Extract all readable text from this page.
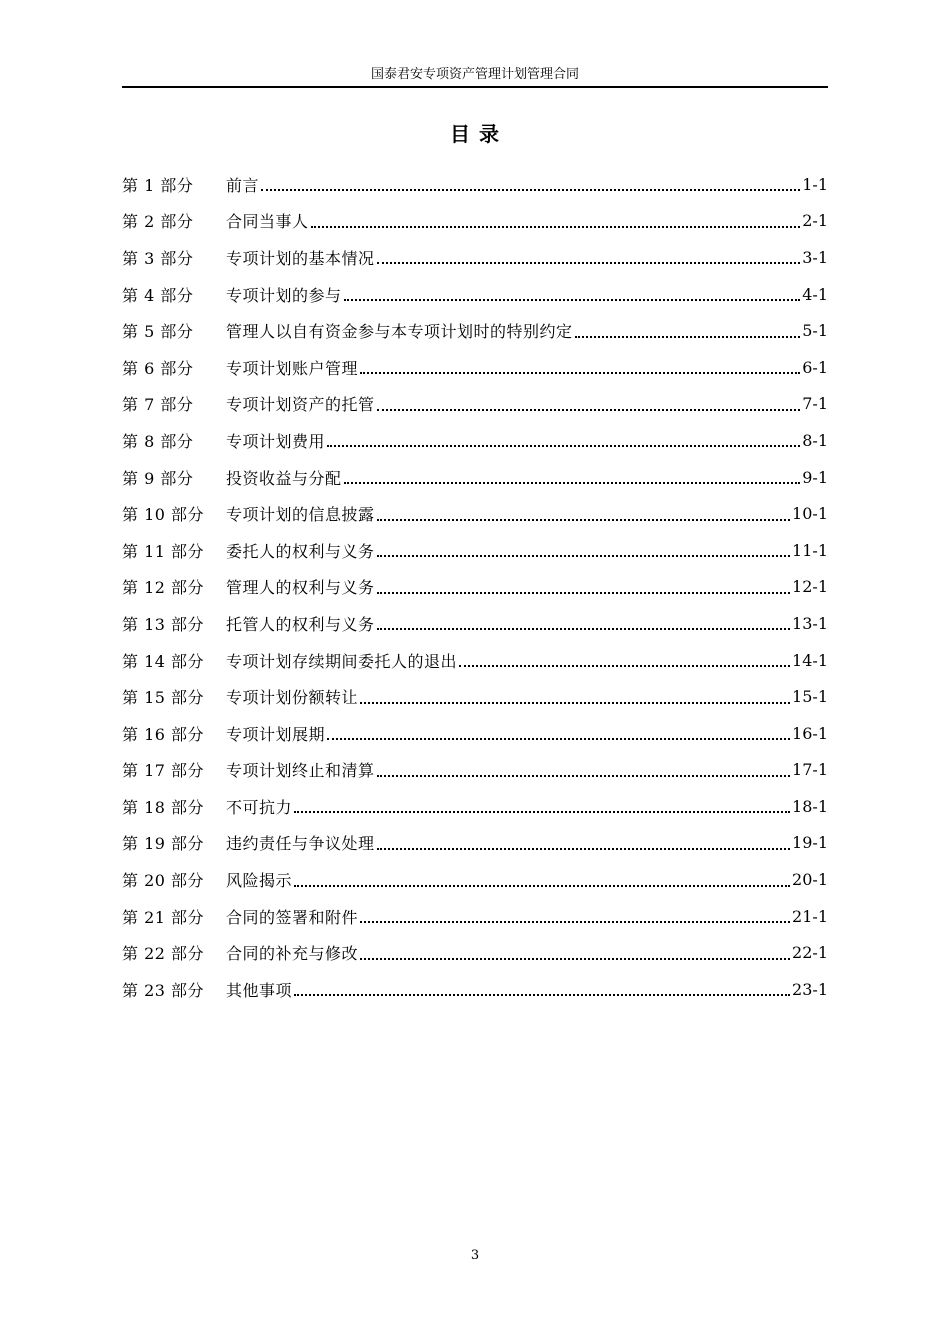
国泰君安专项资产管理计划管理合同
目 录
第 1 部分	前言	1-1
第 2 部分	合同当事人	2-1
第 3 部分	专项计划的基本情况	3-1
第 4 部分	专项计划的参与	4-1
第 5 部分	管理人以自有资金参与本专项计划时的特别约定	5-1
第 6 部分	专项计划账户管理	6-1
第 7 部分	专项计划资产的托管	7-1
第 8 部分	专项计划费用	8-1
第 9 部分	投资收益与分配	9-1
第 10 部分	专项计划的信息披露	10-1
第 11 部分	委托人的权利与义务	11-1
第 12 部分	管理人的权利与义务	12-1
第 13 部分	托管人的权利与义务	13-1
第 14 部分	专项计划存续期间委托人的退出	14-1
第 15 部分	专项计划份额转让	15-1
第 16 部分	专项计划展期	16-1
第 17 部分	专项计划终止和清算	17-1
第 18 部分	不可抗力	18-1
第 19 部分	违约责任与争议处理	19-1
第 20 部分	风险揭示	20-1
第 21 部分	合同的签署和附件	21-1
第 22 部分	合同的补充与修改	22-1
第 23 部分	其他事项	23-1
3
